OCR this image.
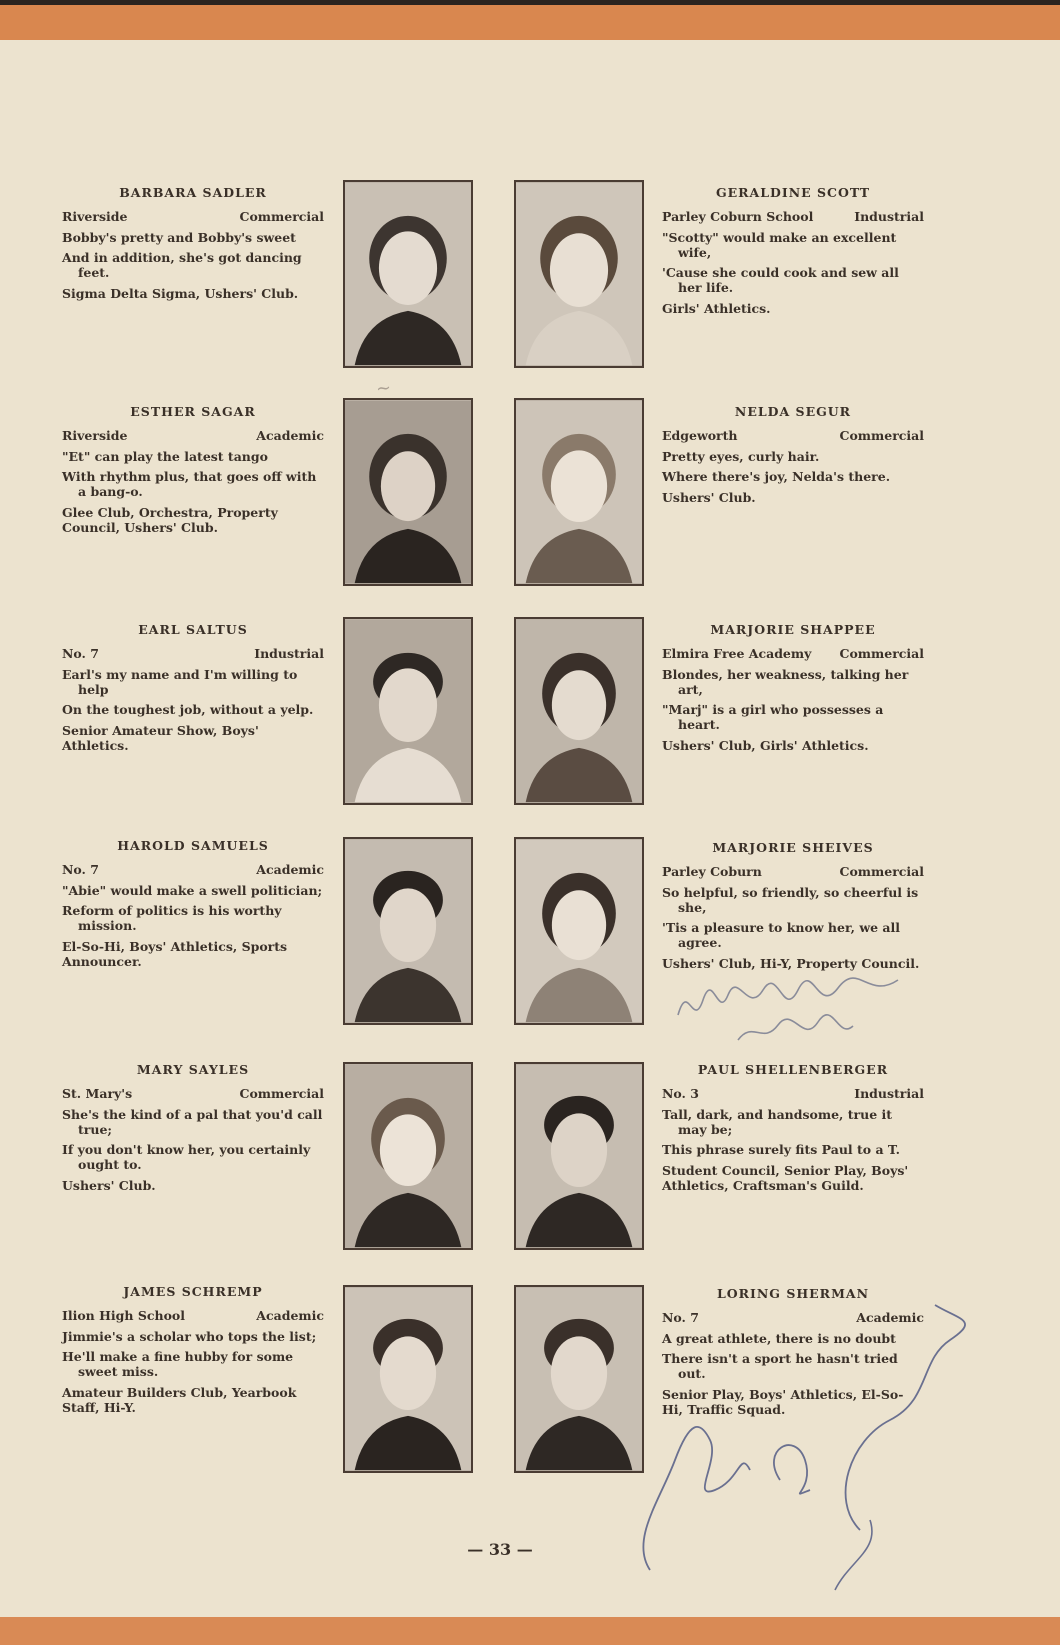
BARBARA SADLER
Riverside	Commercial
Bobby's pretty and Bobby's sweet
And in addition, she's got dancing feet.
Sigma Delta Sigma, Ushers' Club.
GERALDINE SCOTT
Parley Coburn School	Industrial
"Scotty" would make an excellent wife,
'Cause she could cook and sew all her life.
Girls' Athletics.
ESTHER SAGAR
Riverside	Academic
"Et" can play the latest tango
With rhythm plus, that goes off with a bang-o.
Glee Club, Orchestra, Property Council, Ushers' Club.
NELDA SEGUR
Edgeworth	Commercial
Pretty eyes, curly hair.
Where there's joy, Nelda's there.
Ushers' Club.
EARL SALTUS
No. 7	Industrial
Earl's my name and I'm willing to help
On the toughest job, without a yelp.
Senior Amateur Show, Boys' Athletics.
MARJORIE SHAPPEE
Elmira Free Academy Commercial
Blondes, her weakness, talking her art,
"Marj" is a girl who possesses a heart.
Ushers' Club, Girls' Athletics.
HAROLD SAMUELS
No. 7	Academic
"Abie" would make a swell politician;
Reform of politics is his worthy mission.
El-So-Hi, Boys' Athletics, Sports Announcer.
MARJORIE SHEIVES
Parley Coburn	Commercial
So helpful, so friendly, so cheerful is she,
'Tis a pleasure to know her, we all agree.
Ushers' Club, Hi-Y, Property Council.
MARY SAYLES
St. Mary's	Commercial
She's the kind of a pal that you'd call true;
If you don't know her, you certainly ought to.
Ushers' Club.
PAUL SHELLENBERGER
No. 3	Industrial
Tall, dark, and handsome, true it may be;
This phrase surely fits Paul to a T.
Student Council, Senior Play, Boys' Athletics, Craftsman's Guild.
JAMES SCHREMP
Ilion High School	Academic
Jimmie's a scholar who tops the list;
He'll make a fine hubby for some sweet miss.
Amateur Builders Club, Yearbook Staff, Hi-Y.
LORING SHERMAN
No. 7	Academic
A great athlete, there is no doubt
There isn't a sport he hasn't tried out.
Senior Play, Boys' Athletics, El-So-Hi, Traffic Squad.
~
— 33 —
